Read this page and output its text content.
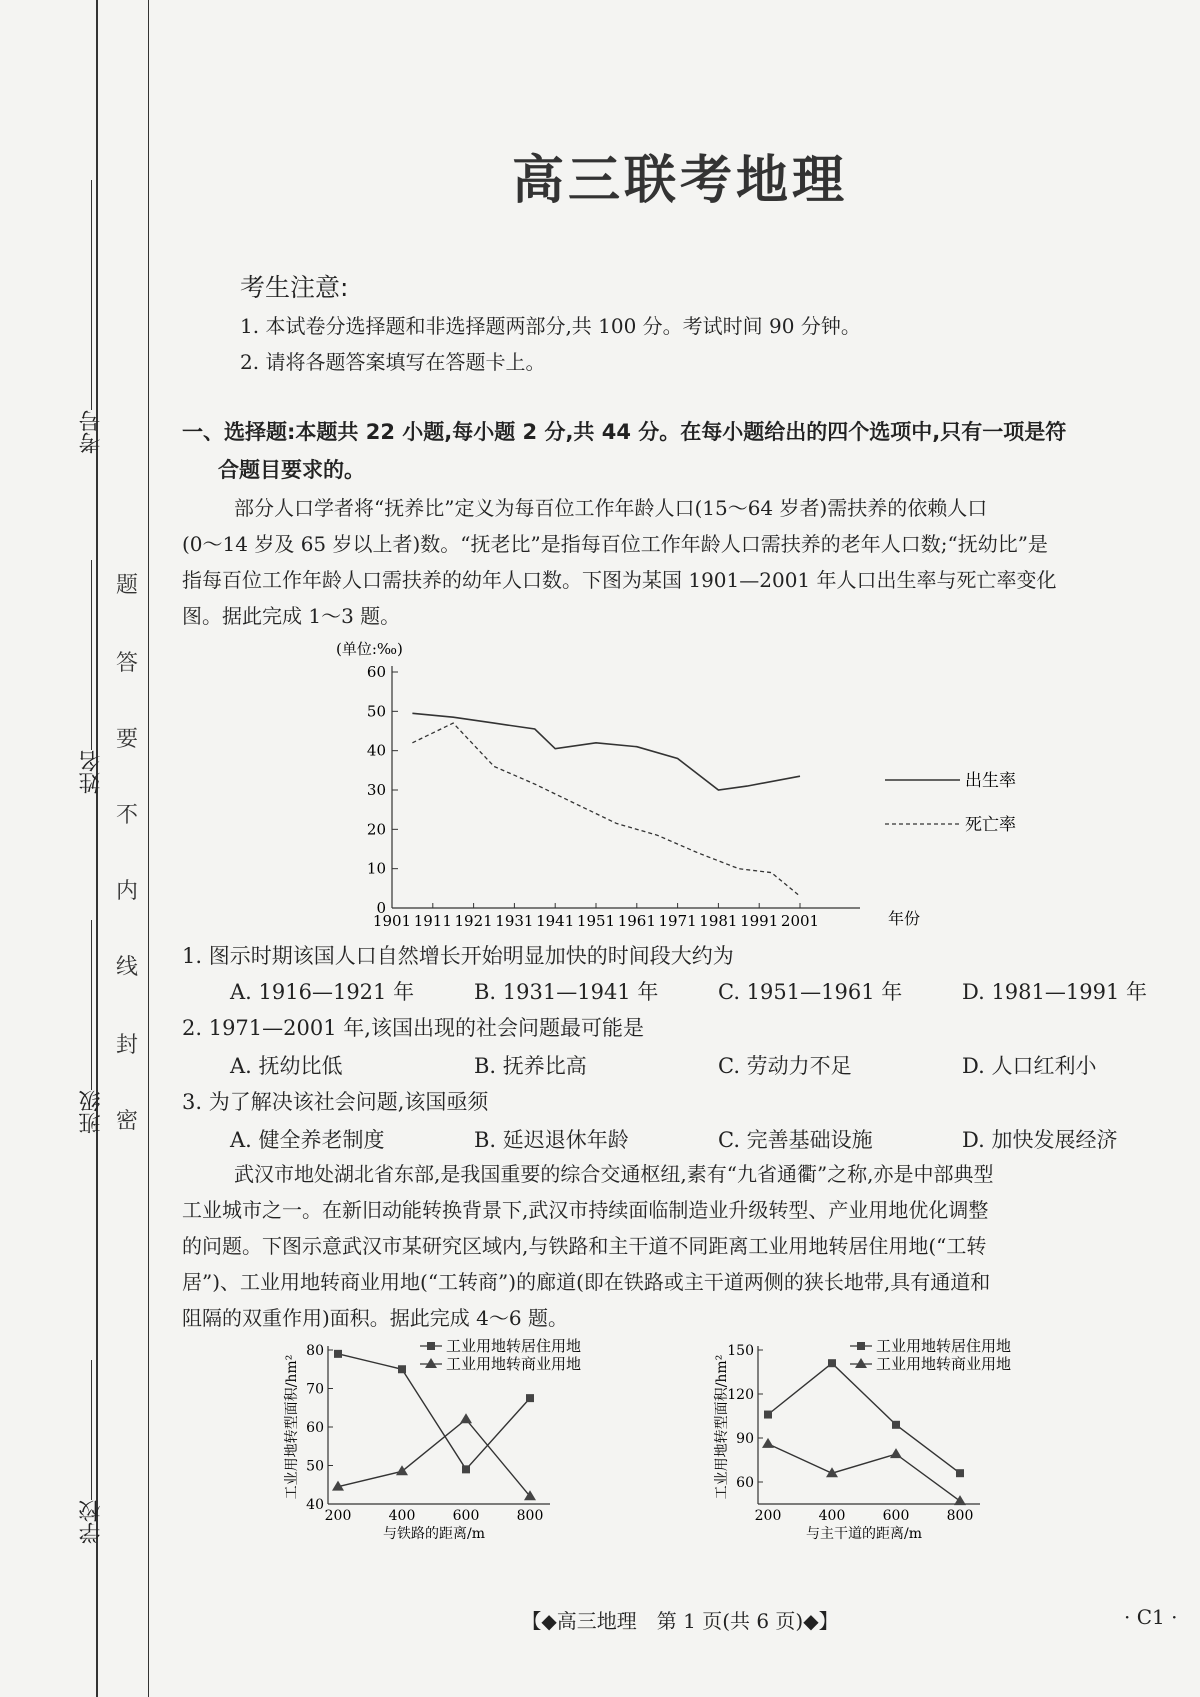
考号
姓名
班级
学校
题
答
要
不
内
线
封
密
高三联考地理
考生注意:
1. 本试卷分选择题和非选择题两部分,共 100 分。考试时间 90 分钟。
2. 请将各题答案填写在答题卡上。
一、选择题:本题共 22 小题,每小题 2 分,共 44 分。在每小题给出的四个选项中,只有一项是符
合题目要求的。
部分人口学者将“抚养比”定义为每百位工作年龄人口(15～64 岁者)需扶养的依赖人口
(0～14 岁及 65 岁以上者)数。“抚老比”是指每百位工作年龄人口需扶养的老年人口数;“抚幼比”是
指每百位工作年龄人口需扶养的幼年人口数。下图为某国 1901—2001 年人口出生率与死亡率变化
图。据此完成 1～3 题。
(单位:‰)
0
10
20
30
40
50
60
1901 1911 1921 1931 1941 1951 1961 1971 1981 1991 2001
出生率
死亡率
年份
1. 图示时期该国人口自然增长开始明显加快的时间段大约为
A. 1916—1921 年	B. 1931—1941 年	C. 1951—1961 年	D. 1981—1991 年
2. 1971—2001 年,该国出现的社会问题最可能是
A. 抚幼比低	B. 抚养比高	C. 劳动力不足	D. 人口红利小
3. 为了解决该社会问题,该国亟须
A. 健全养老制度	B. 延迟退休年龄	C. 完善基础设施	D. 加快发展经济
武汉市地处湖北省东部,是我国重要的综合交通枢纽,素有“九省通衢”之称,亦是中部典型
工业城市之一。在新旧动能转换背景下,武汉市持续面临制造业升级转型、产业用地优化调整
的问题。下图示意武汉市某研究区域内,与铁路和主干道不同距离工业用地转居住用地(“工转
居”)、工业用地转商业用地(“工转商”)的廊道(即在铁路或主干道两侧的狭长地带,具有通道和
阻隔的双重作用)面积。据此完成 4～6 题。
40
50
60
70
80
200	400	600	800
与铁路的距离/m
工业用地转型面积/hm²
工业用地转居住用地
工业用地转商业用地
60
90
120
150
200	400	600	800
与主干道的距离/m
工业用地转型面积/hm²
工业用地转居住用地
工业用地转商业用地
【◆高三地理　第 1 页(共 6 页)◆】	· C1 ·
